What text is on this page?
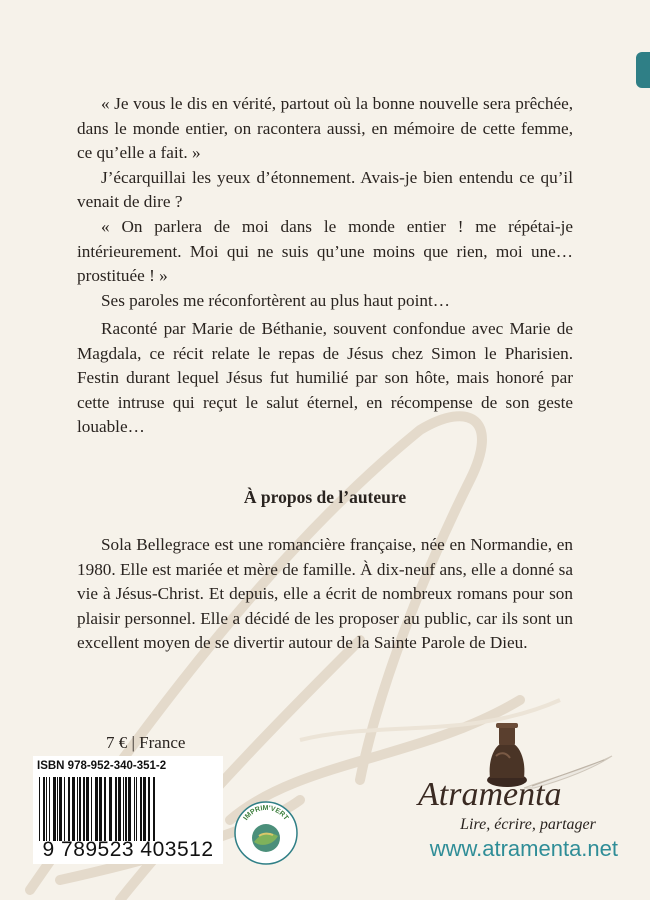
« Je vous le dis en vérité, partout où la bonne nouvelle sera prêchée, dans le monde entier, on racontera aussi, en mémoire de cette femme, ce qu’elle a fait. »

J’écarquillai les yeux d’étonnement. Avais-je bien entendu ce qu’il venait de dire ?

« On parlera de moi dans le monde entier ! me répétai-je intérieurement. Moi qui ne suis qu’une moins que rien, moi une… prostituée ! »

Ses paroles me réconfortèrent au plus haut point…

Raconté par Marie de Béthanie, souvent confondue avec Marie de Magdala, ce récit relate le repas de Jésus chez Simon le Pharisien. Festin durant lequel Jésus fut humilié par son hôte, mais honoré par cette intruse qui reçut le salut éternel, en récompense de son geste louable…

À propos de l’auteure

Sola Bellegrace est une romancière française, née en Normandie, en 1980. Elle est mariée et mère de famille. À dix-neuf ans, elle a donné sa vie à Jésus-Christ. Et depuis, elle a écrit de nombreux romans pour son plaisir personnel. Elle a décidé de les proposer au public, car ils sont un excellent moyen de se divertir autour de la Sainte Parole de Dieu.

7 € | France
ISBN 978-952-340-351-2
9 789523 403512
IMPRIM'VERT
Atramenta
Lire, écrire, partager
www.atramenta.net
